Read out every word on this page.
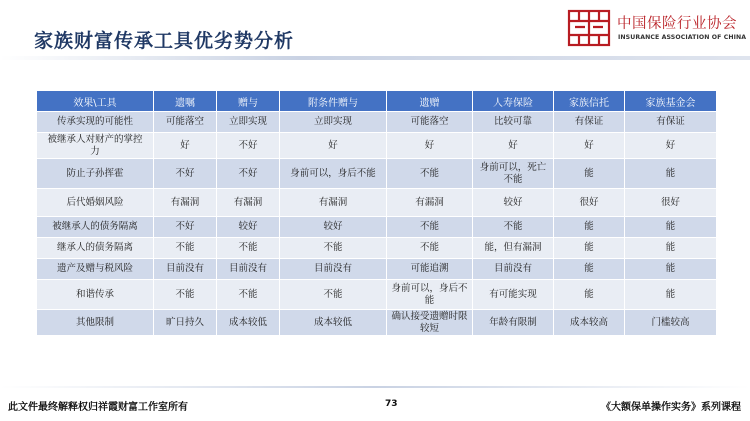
家族财富传承工具优劣势分析
中国保险行业协会
INSURANCE ASSOCIATION OF CHINA
效果\工具	遗嘱	赠与	附条件赠与	遗赠	人寿保险	家族信托	家族基金会
传承实现的可能性	可能落空	立即实现	立即实现	可能落空	比较可靠	有保证	有保证
被继承人对财产的掌控力	好	不好	好	好	好	好	好
防止子孙挥霍	不好	不好	身前可以，身后不能	不能	身前可以，死亡不能	能	能
后代婚姻风险	有漏洞	有漏洞	有漏洞	有漏洞	较好	很好	很好
被继承人的债务隔离	不好	较好	较好	不能	不能	能	能
继承人的债务隔离	不能	不能	不能	不能	能，但有漏洞	能	能
遗产及赠与税风险	目前没有	目前没有	目前没有	可能追溯	目前没有	能	能
和谐传承	不能	不能	不能	身前可以，身后不能	有可能实现	能	能
其他限制	旷日持久	成本较低	成本较低	确认接受遗赠时限较短	年龄有限制	成本较高	门槛较高
此文件最终解释权归祥霞财富工作室所有	73	《大额保单操作实务》系列课程
